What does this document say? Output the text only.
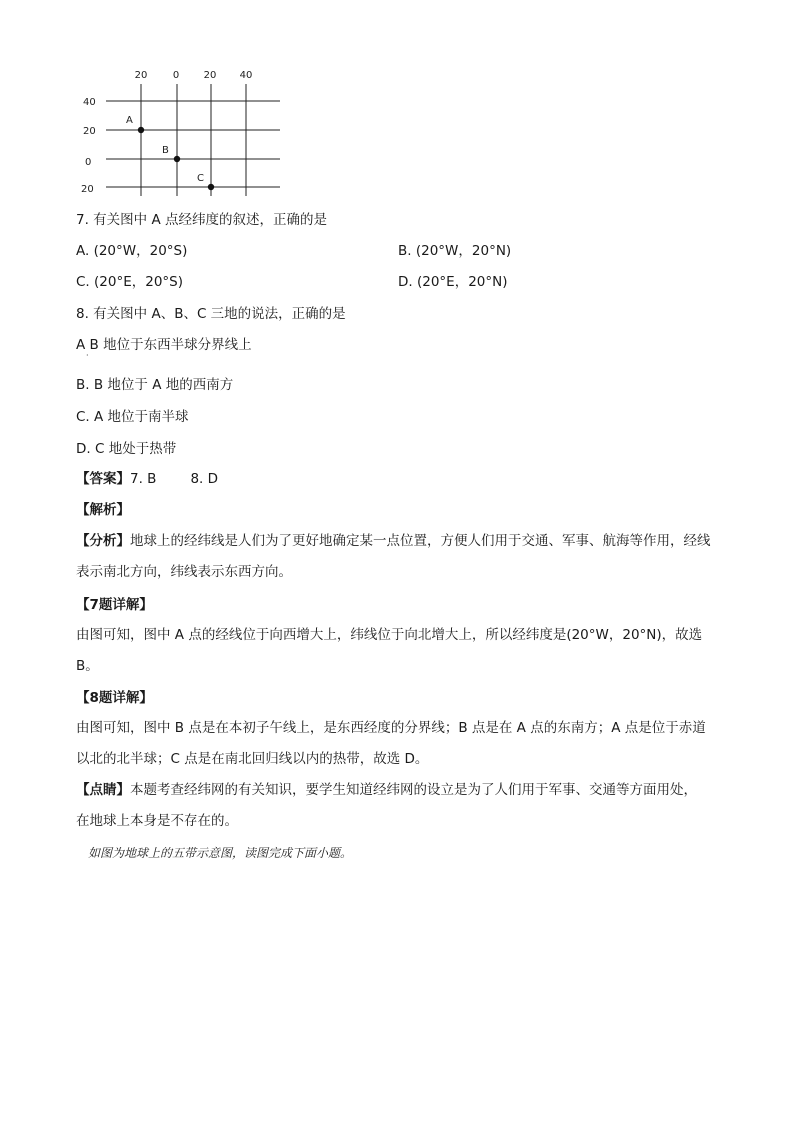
20	0 20 40
40
20
0
20
A
B
C
7. 有关图中 A 点经纬度的叙述，正确的是
A. (20°W，20°S)	B. (20°W，20°N)
C. (20°E，20°S)	D. (20°E，20°N)
8. 有关图中 A、B、C 三地的说法，正确的是
A B 地位于东西半球分界线上
·
B. B 地位于 A 地的西南方
C. A 地位于南半球
D. C 地处于热带
【答案】7. B	8. D
【解析】
【分析】地球上的经纬线是人们为了更好地确定某一点位置，方便人们用于交通、军事、航海等作用，经线表示南北方向，纬线表示东西方向。
【7题详解】
由图可知，图中 A 点的经线位于向西增大上，纬线位于向北增大上，所以经纬度是(20°W，20°N)，故选 B。
【8题详解】
由图可知，图中 B 点是在本初子午线上，是东西经度的分界线；B 点是在 A 点的东南方；A 点是位于赤道以北的北半球；C 点是在南北回归线以内的热带，故选 D。
【点睛】本题考查经纬网的有关知识，要学生知道经纬网的设立是为了人们用于军事、交通等方面用处，在地球上本身是不存在的。
如图为地球上的五带示意图，读图完成下面小题。
